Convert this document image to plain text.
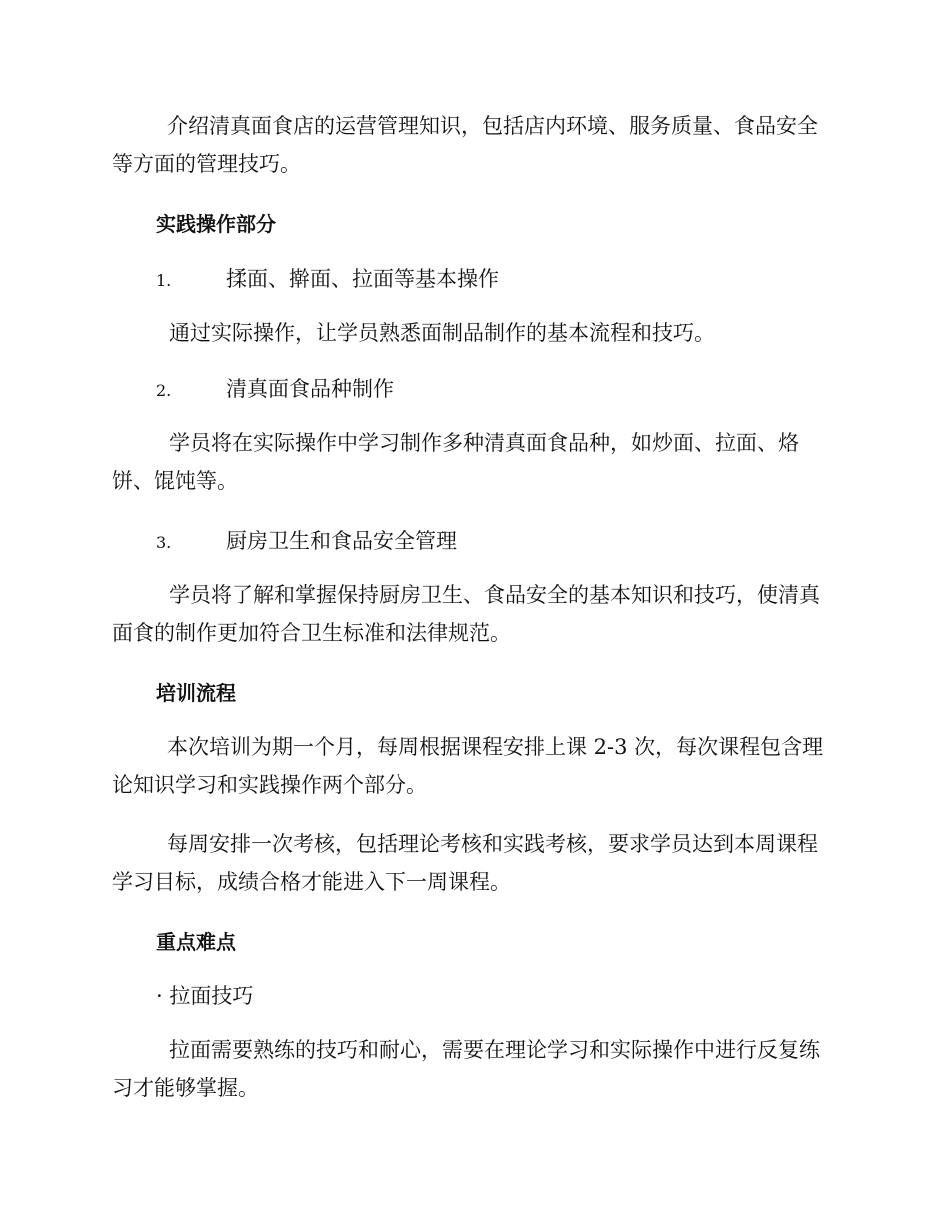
介绍清真面食店的运营管理知识，包括店内环境、服务质量、食品安全等方面的管理技巧。

实践操作部分

1.	揉面、擀面、拉面等基本操作

通过实际操作，让学员熟悉面制品制作的基本流程和技巧。

2.	清真面食品种制作

学员将在实际操作中学习制作多种清真面食品种，如炒面、拉面、烙饼、馄饨等。

3.	厨房卫生和食品安全管理

学员将了解和掌握保持厨房卫生、食品安全的基本知识和技巧，使清真面食的制作更加符合卫生标准和法律规范。

培训流程

本次培训为期一个月，每周根据课程安排上课 2-3 次，每次课程包含理论知识学习和实践操作两个部分。

每周安排一次考核，包括理论考核和实践考核，要求学员达到本周课程学习目标，成绩合格才能进入下一周课程。

重点难点

· 拉面技巧

拉面需要熟练的技巧和耐心，需要在理论学习和实际操作中进行反复练习才能够掌握。
